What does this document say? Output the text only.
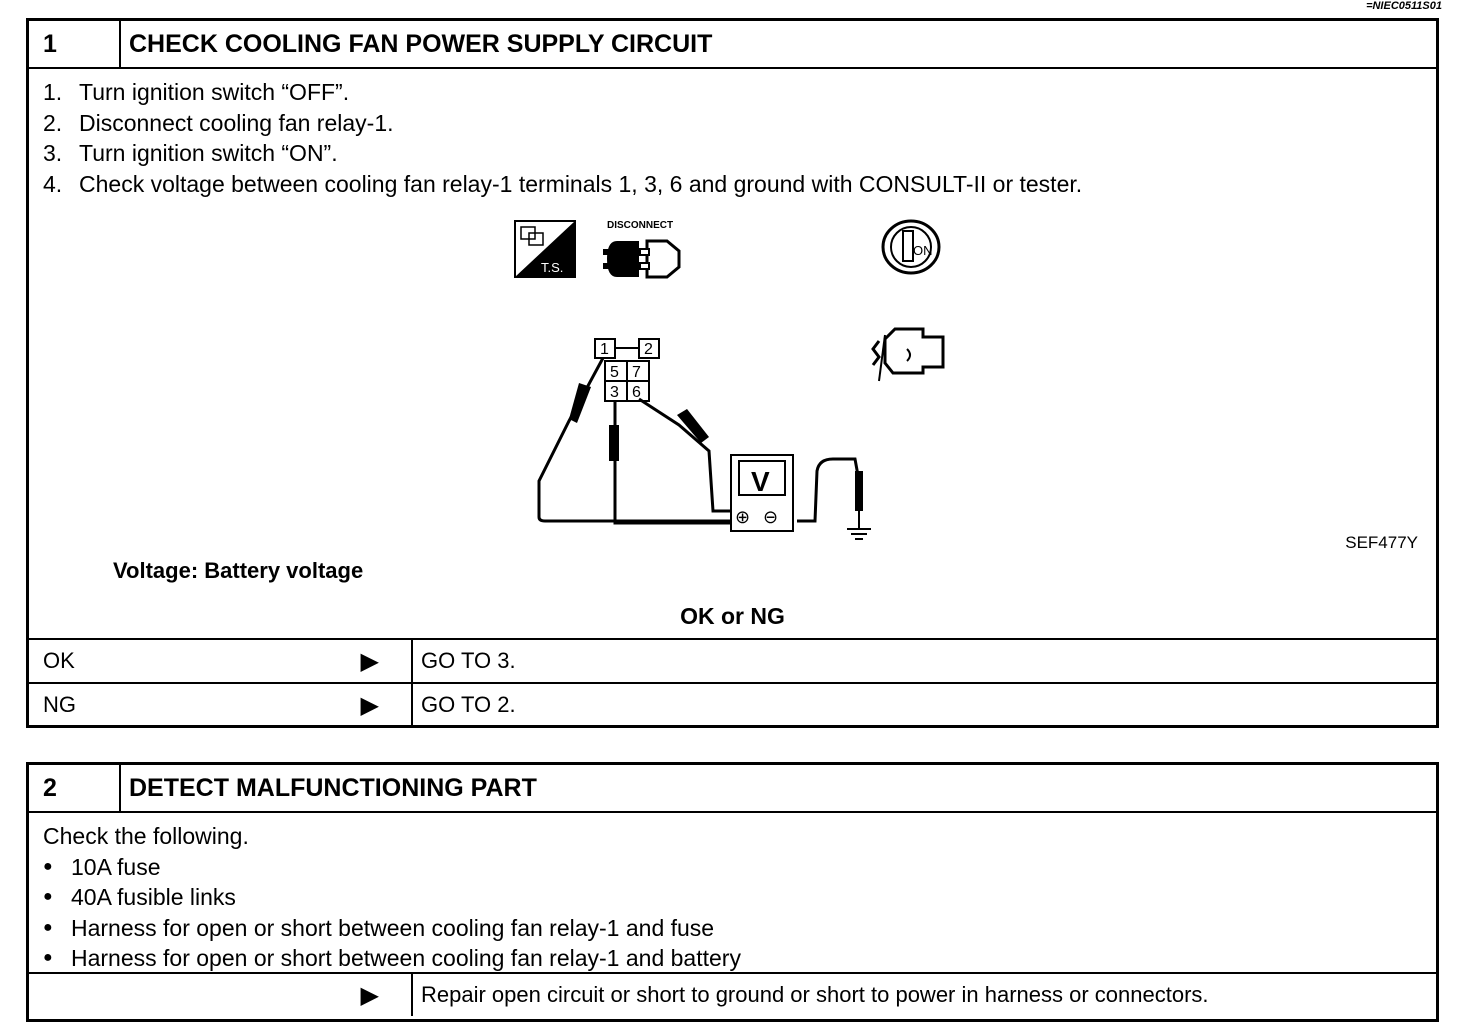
=NIEC0511S01
1	CHECK COOLING FAN POWER SUPPLY CIRCUIT
1. Turn ignition switch “OFF”.
2. Disconnect cooling fan relay-1.
3. Turn ignition switch “ON”.
4. Check voltage between cooling fan relay-1 terminals 1, 3, 6 and ground with CONSULT-II or tester.
T.S.
DISCONNECT
ON
1 2
5 7
3 6
V
⊕ ⊖
SEF477Y
Voltage: Battery voltage
OK or NG
OK	▶	GO TO 3.
NG	▶	GO TO 2.
2	DETECT MALFUNCTIONING PART
Check the following.
● 10A fuse
● 40A fusible links
● Harness for open or short between cooling fan relay-1 and fuse
● Harness for open or short between cooling fan relay-1 and battery
▶	Repair open circuit or short to ground or short to power in harness or connectors.
